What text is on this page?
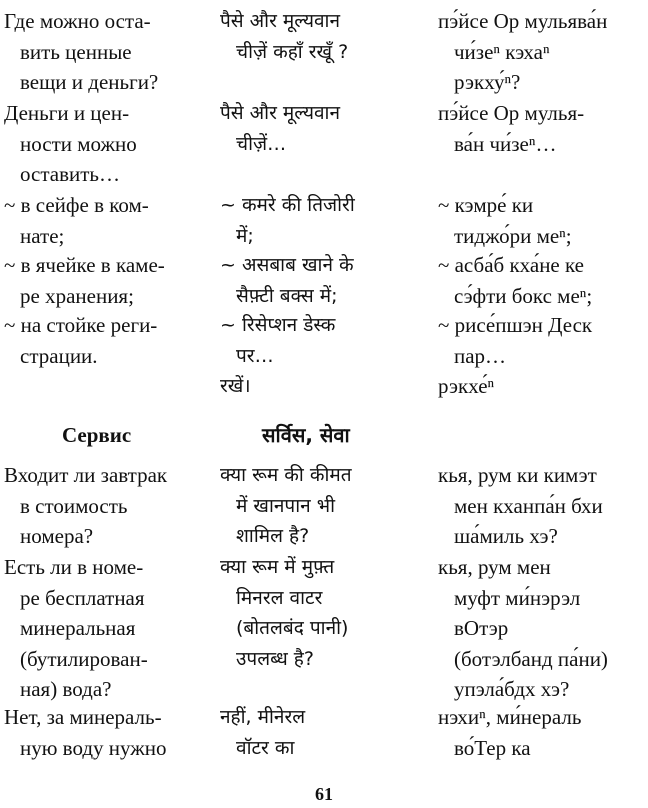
Где можно оста-
вить ценные
вещи и деньги?
पैसे और मूल्यवान
चीज़ें कहाँ रखूँ ?
пэ́йсе Ор мульява́н
чи́зеⁿ кэхаⁿ
рэкху́ⁿ?
Деньги и цен-
ности можно
оставить…
पैसे और मूल्यवान
चीज़ें…
пэ́йсе Ор мулья-
ва́н чи́зеⁿ…
~ в сейфе в ком-
нате;
~ कमरे की तिजोरी
में;
~ кэмре́ ки
тиджо́ри меⁿ;
~ в ячейке в каме-
ре хранения;
~ असबाब खाने के
सैफ़्टी बक्स में;
~ асба́б кха́не ке
сэ́фти бокс меⁿ;
~ на стойке реги-
страции.
~ रिसेप्शन डेस्क
पर…
रखें।
~ рисе́пшэн Деск
пар…
рэкхе́ⁿ
Сервис	सर्विस, सेवा
Входит ли завтрак
в стоимость
номера?
क्या रूम की कीमत
में खानपान भी
शामिल है?
кья, рум ки кимэт
мен кханпа́н бхи
ша́миль хэ?
Есть ли в номе-
ре бесплатная
минеральная
(бутилирован-
ная) вода?
क्या रूम में मुफ़्त
मिनरल वाटर
(बोतलबंद पानी)
उपलब्ध है?
кья, рум мен
муфт ми́нэрэл
вОтэр
(ботэлбанд па́ни)
упэла́бдх хэ?
Нет, за минераль-
ную воду нужно
नहीं, मीनेरल
वॉटर का
нэхиⁿ, ми́нераль
во́Тер ка
61
